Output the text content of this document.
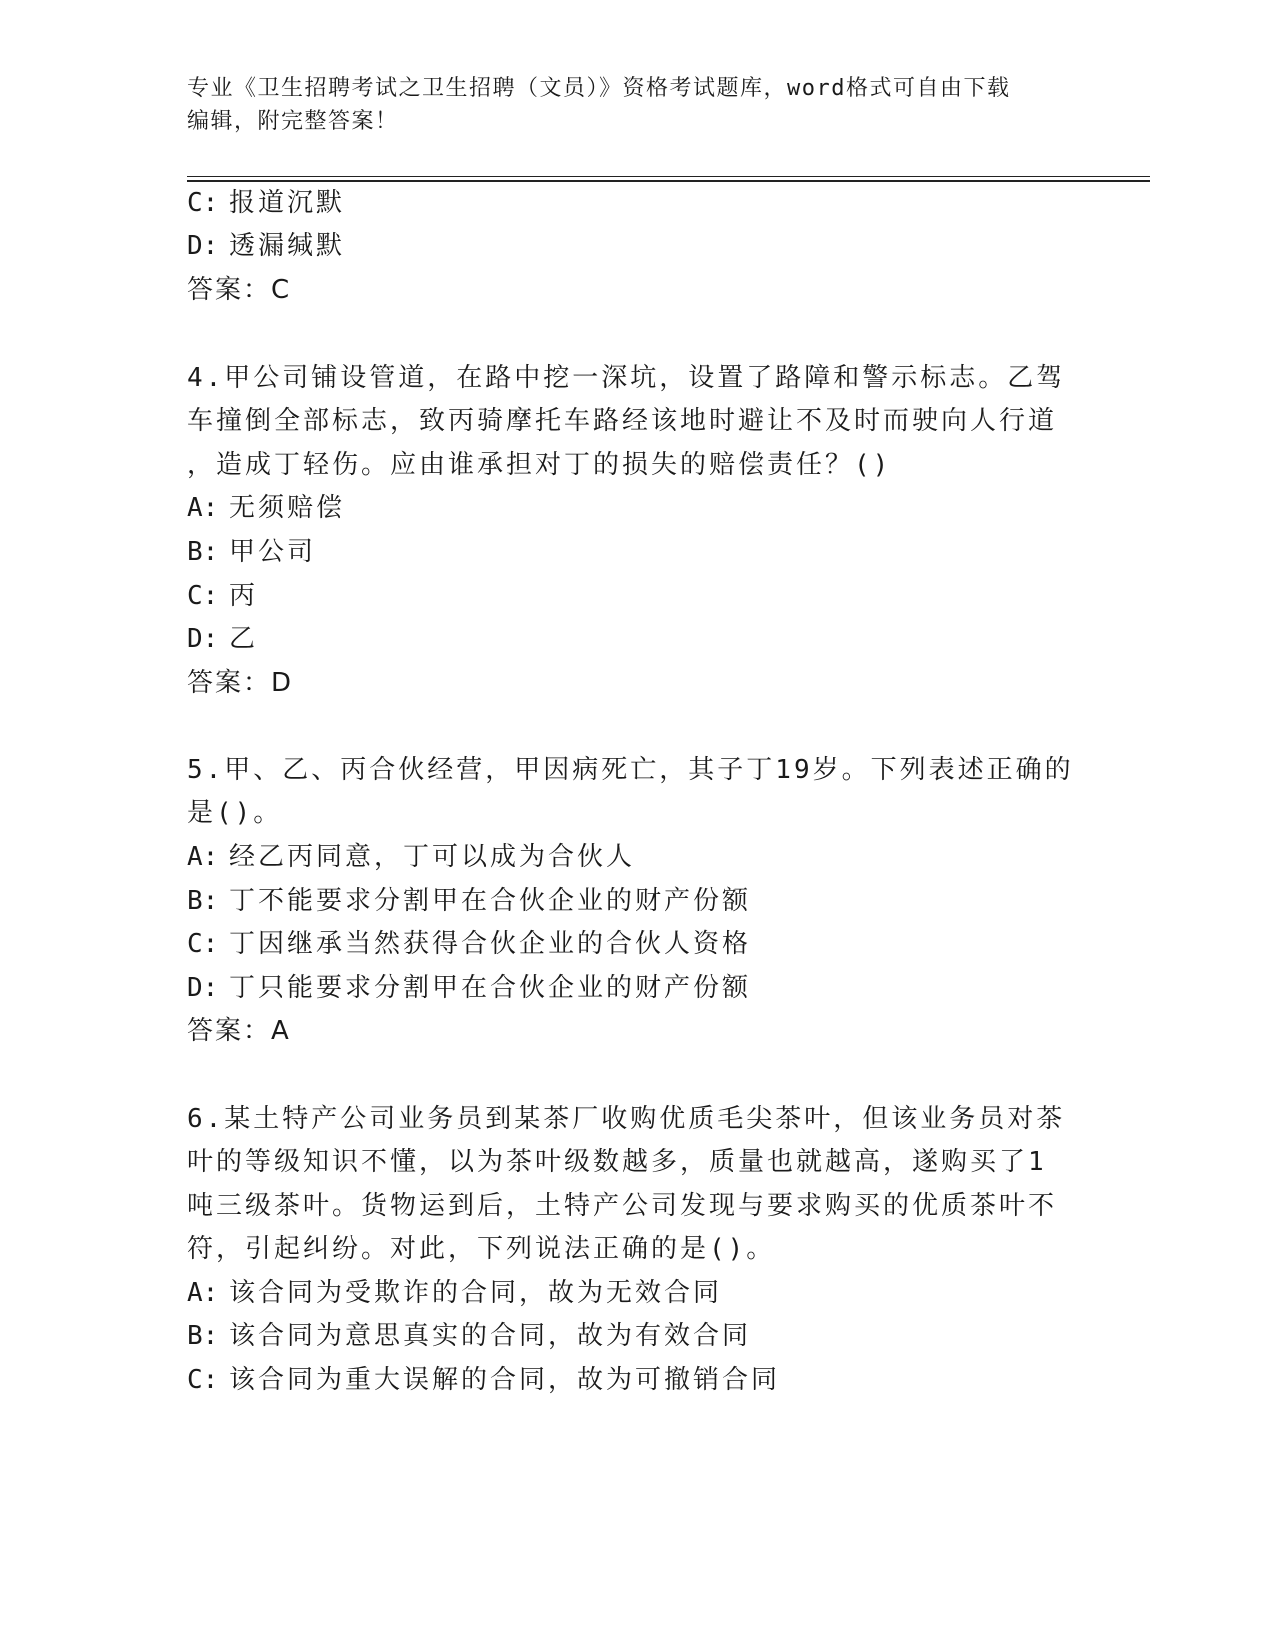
专业《卫生招聘考试之卫生招聘（文员）》资格考试题库，word格式可自由下载
编辑，附完整答案！
C: 报道沉默
D: 透漏缄默
答案：C
4.甲公司铺设管道，在路中挖一深坑，设置了路障和警示标志。乙驾
车撞倒全部标志，致丙骑摩托车路经该地时避让不及时而驶向人行道
，造成丁轻伤。应由谁承担对丁的损失的赔偿责任？()
A: 无须赔偿
B: 甲公司
C: 丙
D: 乙
答案：D
5.甲、乙、丙合伙经营，甲因病死亡，其子丁19岁。下列表述正确的
是()。
A: 经乙丙同意，丁可以成为合伙人
B: 丁不能要求分割甲在合伙企业的财产份额
C: 丁因继承当然获得合伙企业的合伙人资格
D: 丁只能要求分割甲在合伙企业的财产份额
答案：A
6.某土特产公司业务员到某茶厂收购优质毛尖茶叶，但该业务员对茶
叶的等级知识不懂，以为茶叶级数越多，质量也就越高，遂购买了1
吨三级茶叶。货物运到后，土特产公司发现与要求购买的优质茶叶不
符，引起纠纷。对此，下列说法正确的是()。
A: 该合同为受欺诈的合同，故为无效合同
B: 该合同为意思真实的合同，故为有效合同
C: 该合同为重大误解的合同，故为可撤销合同
